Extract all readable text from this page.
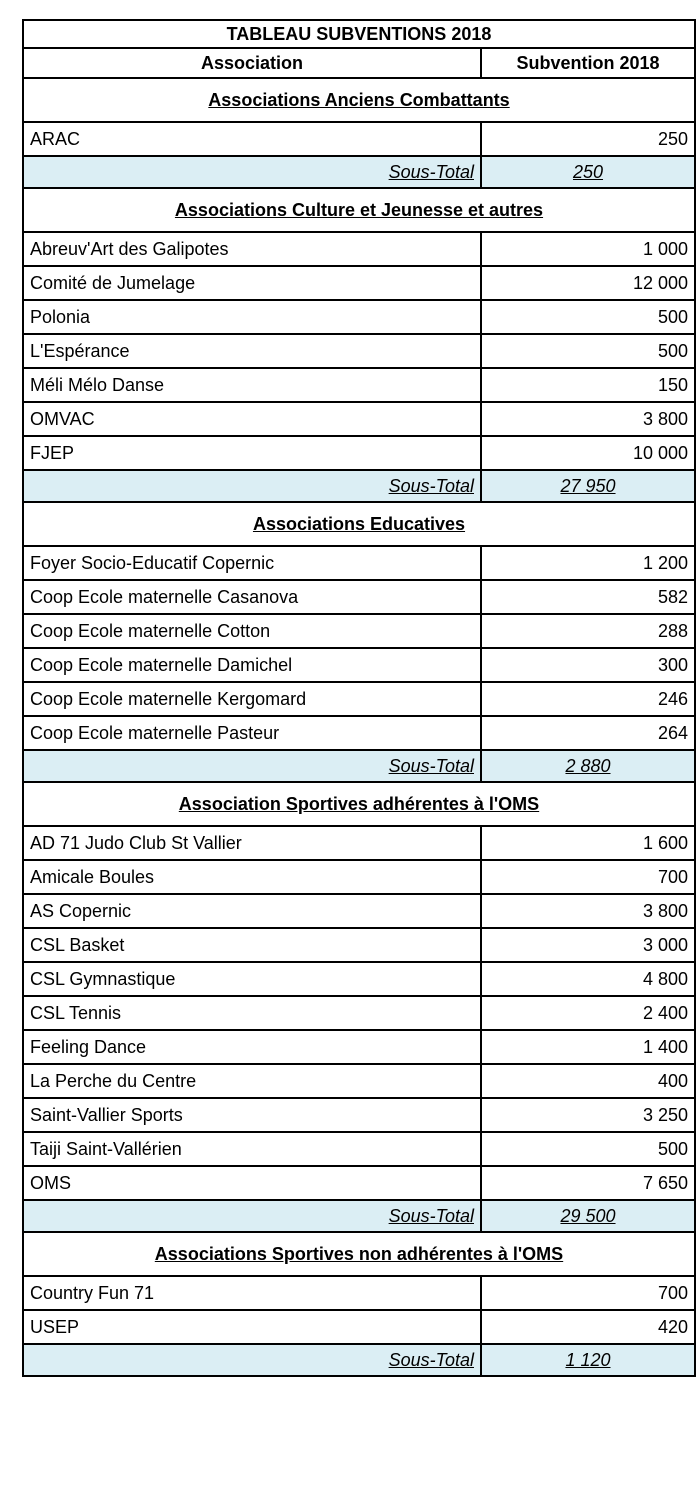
TABLEAU SUBVENTIONS 2018	
Association	Subvention 2018
Associations Anciens Combattants	
ARAC	250
Sous-Total	250
Associations Culture et Jeunesse et autres	
Abreuv'Art des Galipotes	1 000
Comité de Jumelage	12 000
Polonia	500
L'Espérance	500
Méli Mélo Danse	150
OMVAC	3 800
FJEP	10 000
Sous-Total	27 950
Associations Educatives	
Foyer Socio-Educatif Copernic	1 200
Coop Ecole maternelle Casanova	582
Coop Ecole maternelle Cotton	288
Coop Ecole maternelle Damichel	300
Coop Ecole maternelle Kergomard	246
Coop Ecole maternelle Pasteur	264
Sous-Total	2 880
Association Sportives adhérentes à l'OMS	
AD 71 Judo Club St Vallier	1 600
Amicale Boules	700
AS Copernic	3 800
CSL Basket	3 000
CSL Gymnastique	4 800
CSL Tennis	2 400
Feeling Dance	1 400
La Perche du Centre	400
Saint-Vallier Sports	3 250
Taiji Saint-Vallérien	500
OMS	7 650
Sous-Total	29 500
Associations Sportives non adhérentes à l'OMS	
Country Fun 71	700
USEP	420
Sous-Total	1 120
